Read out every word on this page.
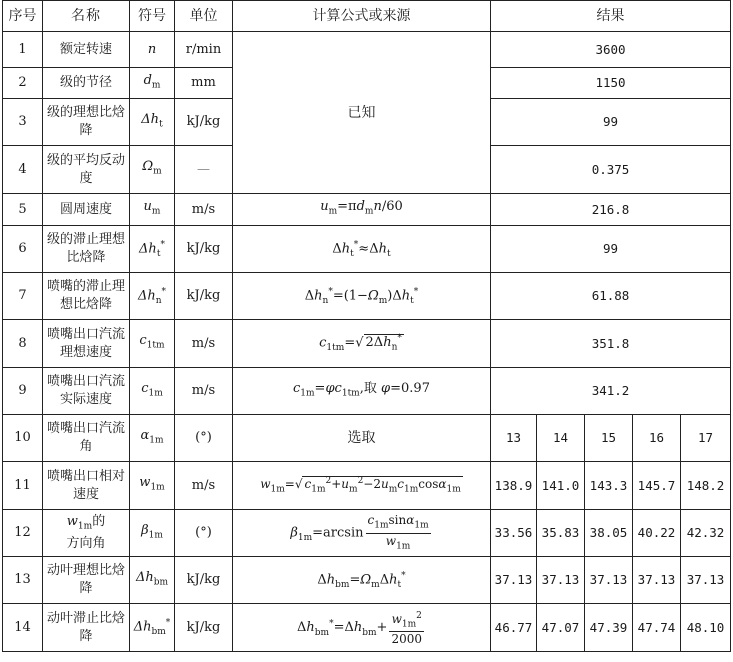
序号	名称	符号	单位	计算公式或来源	结果				
1	额定转速	n	r/min	已知	3600				
2	级的节径	$d_m$	mm		1150				
3	级的理想比焓降	$\Delta h_t$	kJ/kg		99				
4	级的平均反动度	$\Omega_m$	—		0.375				
5	圆周速度	$u_m$	m/s	$u_m=\pi d_mn/60$	216.8				
6	级的滞止理想比焓降	$\Delta h_t^*$	kJ/kg	$\Delta h_t^*\approx\Delta h_t$	99				
7	喷嘴的滞止理想比焓降	$\Delta h_n^*$	kJ/kg	$\Delta h_n^*=(1-\Omega_m)\Delta h_t^*$	61.88				
8	喷嘴出口汽流理想速度	$c_{1tm}$	m/s	$c_{1tm}=√$ $2\Delta h_n^*$	351.8				
9	喷嘴出口汽流实际速度	$c_{1m}$	m/s	$c_{1m}=\varphi c_{1tm}$,取 φ=0.97	341.2				
10	喷嘴出口汽流角	$\alpha_{1m}$	(°)	选取	13	14	15	16	17
11	喷嘴出口相对速度	$w_{1m}$	m/s	$w_{1m}=√$ $c_{1m}^2+u_m^2-2u_mc_{1m}\cos\alpha_{1m}$	138.9	141.0	143.3	145.7	148.2
12	$w_{1m}$的
方向角	$\beta_{1m}$	(°)	$\beta_{1m}=\arcsin \frac{c_{1m}\sin\alpha_{1m}}{w_{1m}}$	33.56	35.83	38.05	40.22	42.32
13	动叶理想比焓降	$\Delta h_{bm}$	kJ/kg	$\Delta h_{bm}=\Omega_m\Delta h_t^*$	37.13	37.13	37.13	37.13	37.13
14	动叶滞止比焓降	$\Delta h_{bm}^*$	kJ/kg	$\Delta h_{bm}^*=\Delta h_{bm}+ \frac{w_{1m}^2}{2000}$	46.77	47.07	47.39	47.74	48.10
